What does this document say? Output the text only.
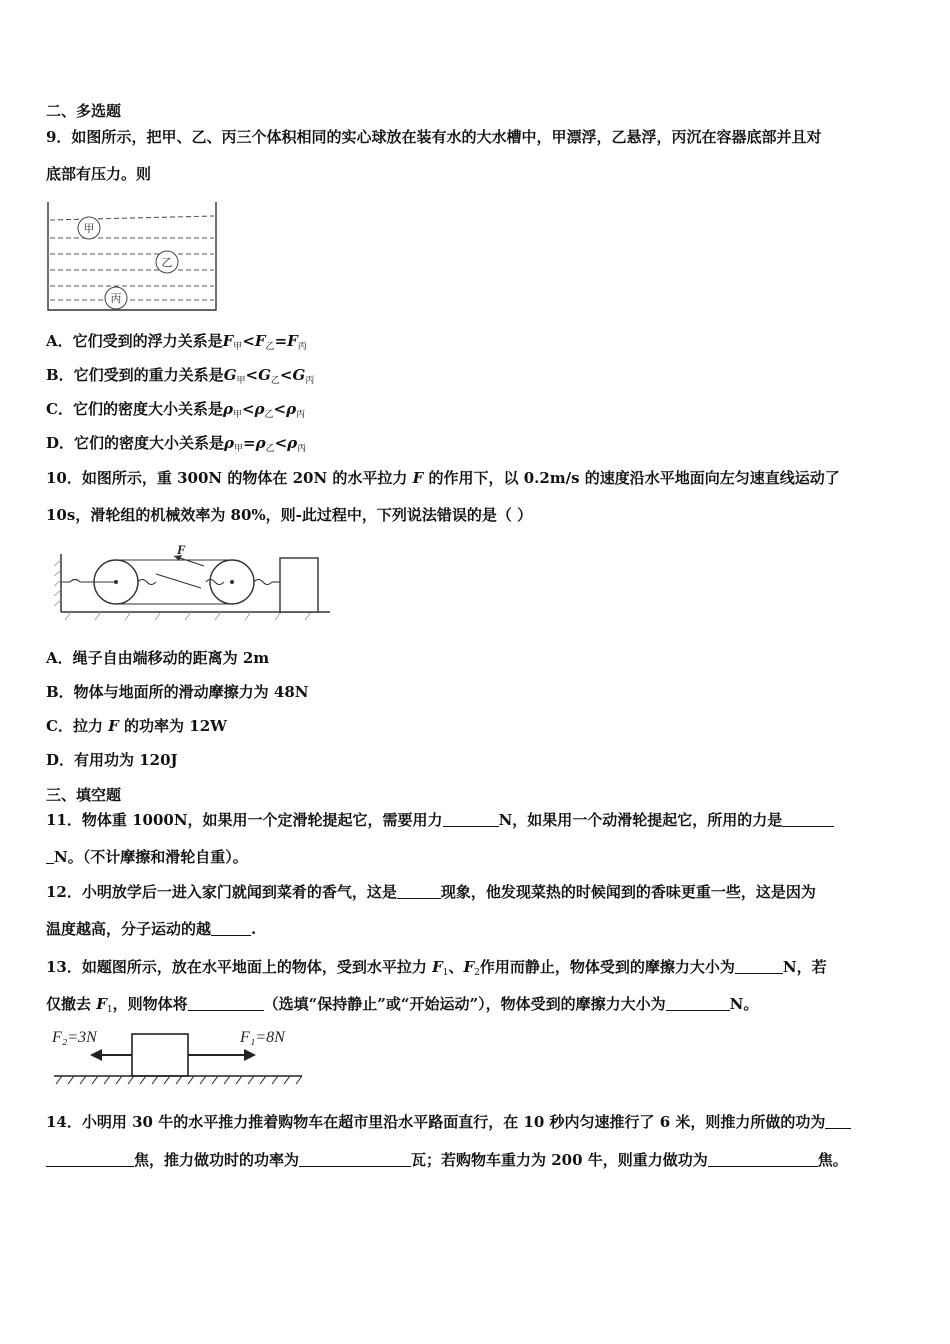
二、多选题
9．如图所示，把甲、乙、丙三个体积相同的实心球放在装有水的大水槽中，甲漂浮，乙悬浮，丙沉在容器底部并且对
底部有压力。则
甲
乙
丙
A．它们受到的浮力关系是$F_甲<F_乙=F_丙$
B．它们受到的重力关系是$G_甲<G_乙<G_丙$
C．它们的密度大小关系是$\rho_甲<\rho_乙<\rho_丙$
D．它们的密度大小关系是$\rho_甲=\rho_乙<\rho_丙$
10．如图所示，重 300N 的物体在 20N 的水平拉力 F 的作用下，以 0.2m/s 的速度沿水平地面向左匀速直线运动了
10s，滑轮组的机械效率为 80%，则-此过程中，下列说法错误的是（ ）
F
A．绳子自由端移动的距离为 2m
B．物体与地面所的滑动摩擦力为 48N
C．拉力 F 的功率为 12W
D．有用功为 120J
三、填空题
11．物体重 1000N，如果用一个定滑轮提起它，需要用力	N，如果用一个动滑轮提起它，所用的力是
N。（不计摩擦和滑轮自重）。
12．小明放学后一进入家门就闻到菜肴的香气，这是	现象，他发现菜热的时候闻到的香味更重一些，这是因为
温度越高，分子运动的越	.
13．如题图所示，放在水平地面上的物体，受到水平拉力 $F_1$、$F_2$作用而静止，物体受到的摩擦力大小为	N，若
仅撤去 $F_1$，则物体将	（选填“保持静止”或“开始运动”），物体受到的摩擦力大小为	N。
F₂=3N	F₁=8N
14．小明用 30 牛的水平推力推着购物车在超市里沿水平路面直行，在 10 秒内匀速推行了 6 米，则推力所做的功为
焦，推力做功时的功率为	瓦；若购物车重力为 200 牛，则重力做功为	焦。
